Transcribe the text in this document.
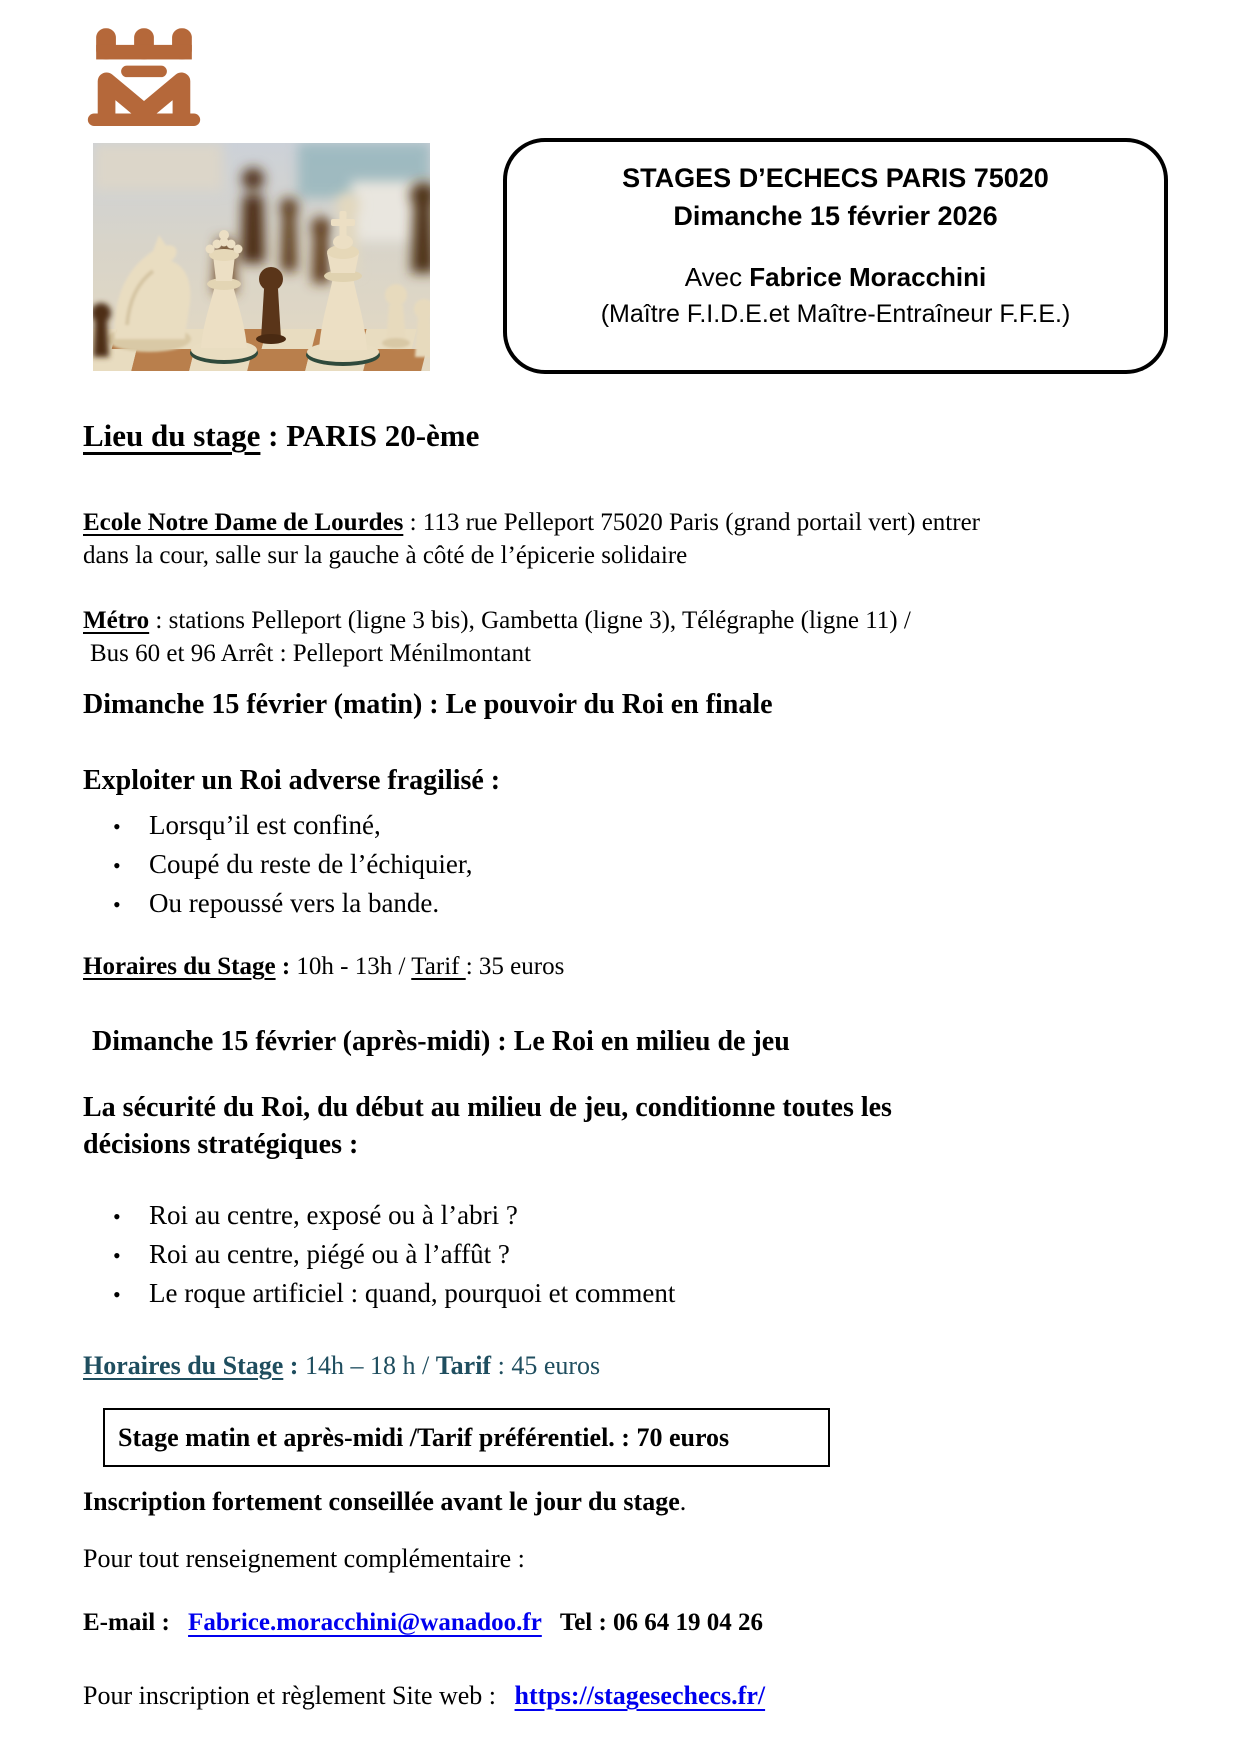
STAGES D’ECHECS PARIS 75020
Dimanche 15 février 2026
Avec Fabrice Moracchini
(Maître F.I.D.E.et Maître-Entraîneur F.F.E.)
Lieu du stage : PARIS 20-ème
Ecole Notre Dame de Lourdes : 113 rue Pelleport 75020 Paris (grand portail vert) entrer
dans la cour, salle sur la gauche à côté de l’épicerie solidaire
Métro : stations Pelleport (ligne 3 bis), Gambetta (ligne 3), Télégraphe (ligne 11) /
Bus 60 et 96 Arrêt : Pelleport Ménilmontant
Dimanche 15 février (matin) : Le pouvoir du Roi en finale
Exploiter un Roi adverse fragilisé :
• Lorsqu’il est confiné,
• Coupé du reste de l’échiquier,
• Ou repoussé vers la bande.
Horaires du Stage : 10h - 13h / Tarif : 35 euros
Dimanche 15 février (après-midi) : Le Roi en milieu de jeu
La sécurité du Roi, du début au milieu de jeu, conditionne toutes les
décisions stratégiques :
• Roi au centre, exposé ou à l’abri ?
• Roi au centre, piégé ou à l’affût ?
• Le roque artificiel : quand, pourquoi et comment
Horaires du Stage : 14h – 18 h / Tarif : 45 euros
Stage matin et après-midi /Tarif préférentiel. : 70 euros
Inscription fortement conseillée avant le jour du stage.
Pour tout renseignement complémentaire :
E-mail : Fabrice.moracchini@wanadoo.fr Tel : 06 64 19 04 26
Pour inscription et règlement Site web : https://stagesechecs.fr/
